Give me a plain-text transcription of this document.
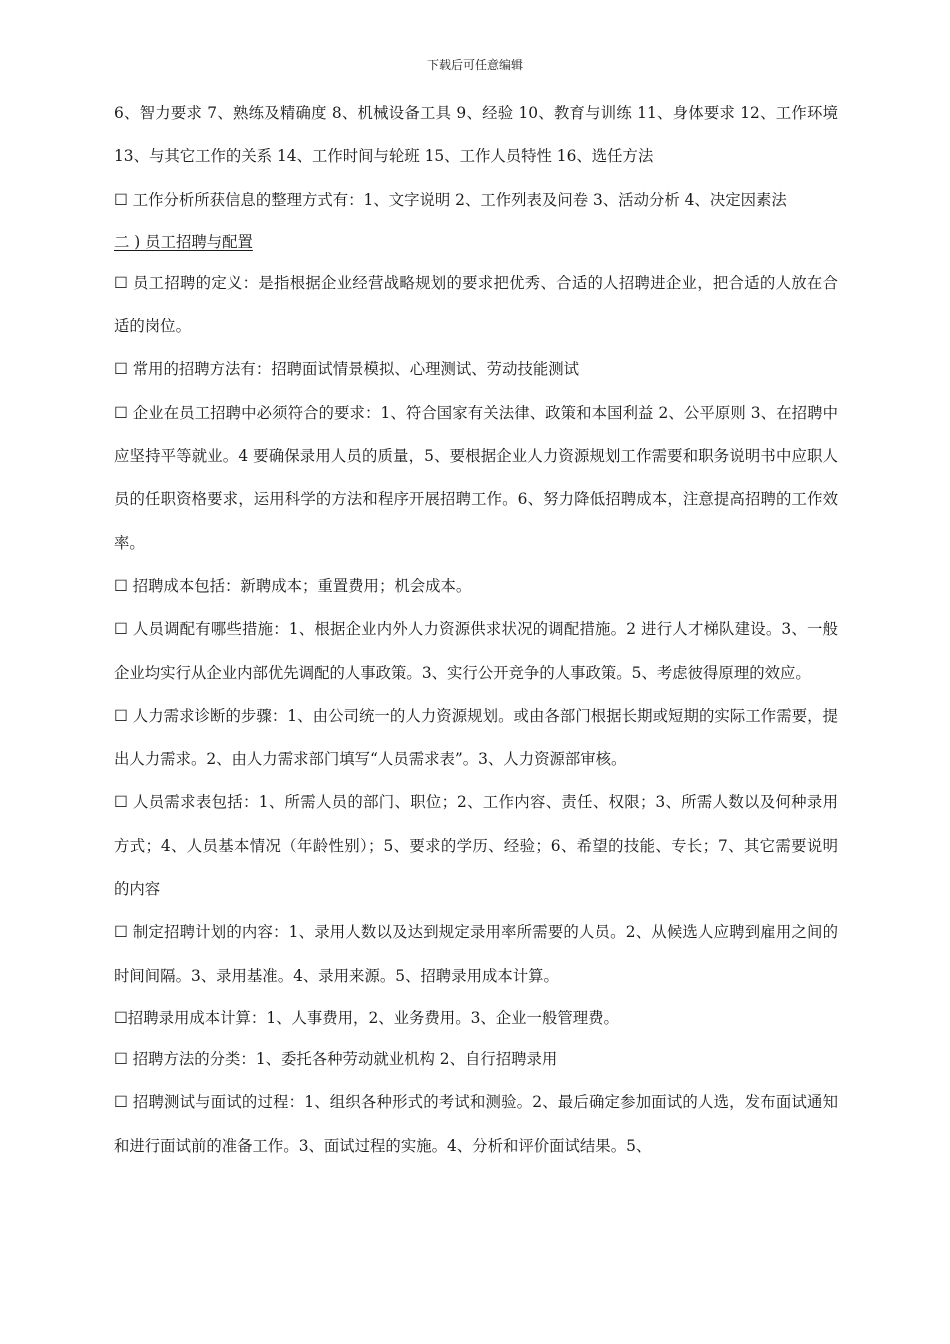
下载后可任意编辑

6、智力要求 7、熟练及精确度 8、机械设备工具 9、经验 10、教育与训练 11、身体要求 12、工作环境 13、与其它工作的关系 14、工作时间与轮班 15、工作人员特性 16、选任方法

☐ 工作分析所获信息的整理方式有：1、文字说明 2、工作列表及问卷 3、活动分析 4、决定因素法

二 ) 员工招聘与配置

☐ 员工招聘的定义：是指根据企业经营战略规划的要求把优秀、合适的人招聘进企业，把合适的人放在合适的岗位。

☐ 常用的招聘方法有：招聘面试情景模拟、心理测试、劳动技能测试

☐ 企业在员工招聘中必须符合的要求：1、符合国家有关法律、政策和本国利益 2、公平原则 3、在招聘中应坚持平等就业。4 要确保录用人员的质量，5、要根据企业人力资源规划工作需要和职务说明书中应职人员的任职资格要求，运用科学的方法和程序开展招聘工作。6、努力降低招聘成本，注意提高招聘的工作效率。

☐ 招聘成本包括：新聘成本；重置费用；机会成本。

☐ 人员调配有哪些措施：1、根据企业内外人力资源供求状况的调配措施。2 进行人才梯队建设。3、一般企业均实行从企业内部优先调配的人事政策。3、实行公开竞争的人事政策。5、考虑彼得原理的效应。

☐ 人力需求诊断的步骤：1、由公司统一的人力资源规划。或由各部门根据长期或短期的实际工作需要，提出人力需求。2、由人力需求部门填写“人员需求表”。3、人力资源部审核。

☐ 人员需求表包括：1、所需人员的部门、职位；2、工作内容、责任、权限；3、所需人数以及何种录用方式；4、人员基本情况（年龄性别）；5、要求的学历、经验；6、希望的技能、专长；7、其它需要说明的内容

☐ 制定招聘计划的内容：1、录用人数以及达到规定录用率所需要的人员。2、从候选人应聘到雇用之间的时间间隔。3、录用基准。4、录用来源。5、招聘录用成本计算。

☐招聘录用成本计算：1、人事费用，2、业务费用。3、企业一般管理费。

☐ 招聘方法的分类：1、委托各种劳动就业机构 2、自行招聘录用

☐ 招聘测试与面试的过程：1、组织各种形式的考试和测验。2、最后确定参加面试的人选，发布面试通知和进行面试前的准备工作。3、面试过程的实施。4、分析和评价面试结果。5、
